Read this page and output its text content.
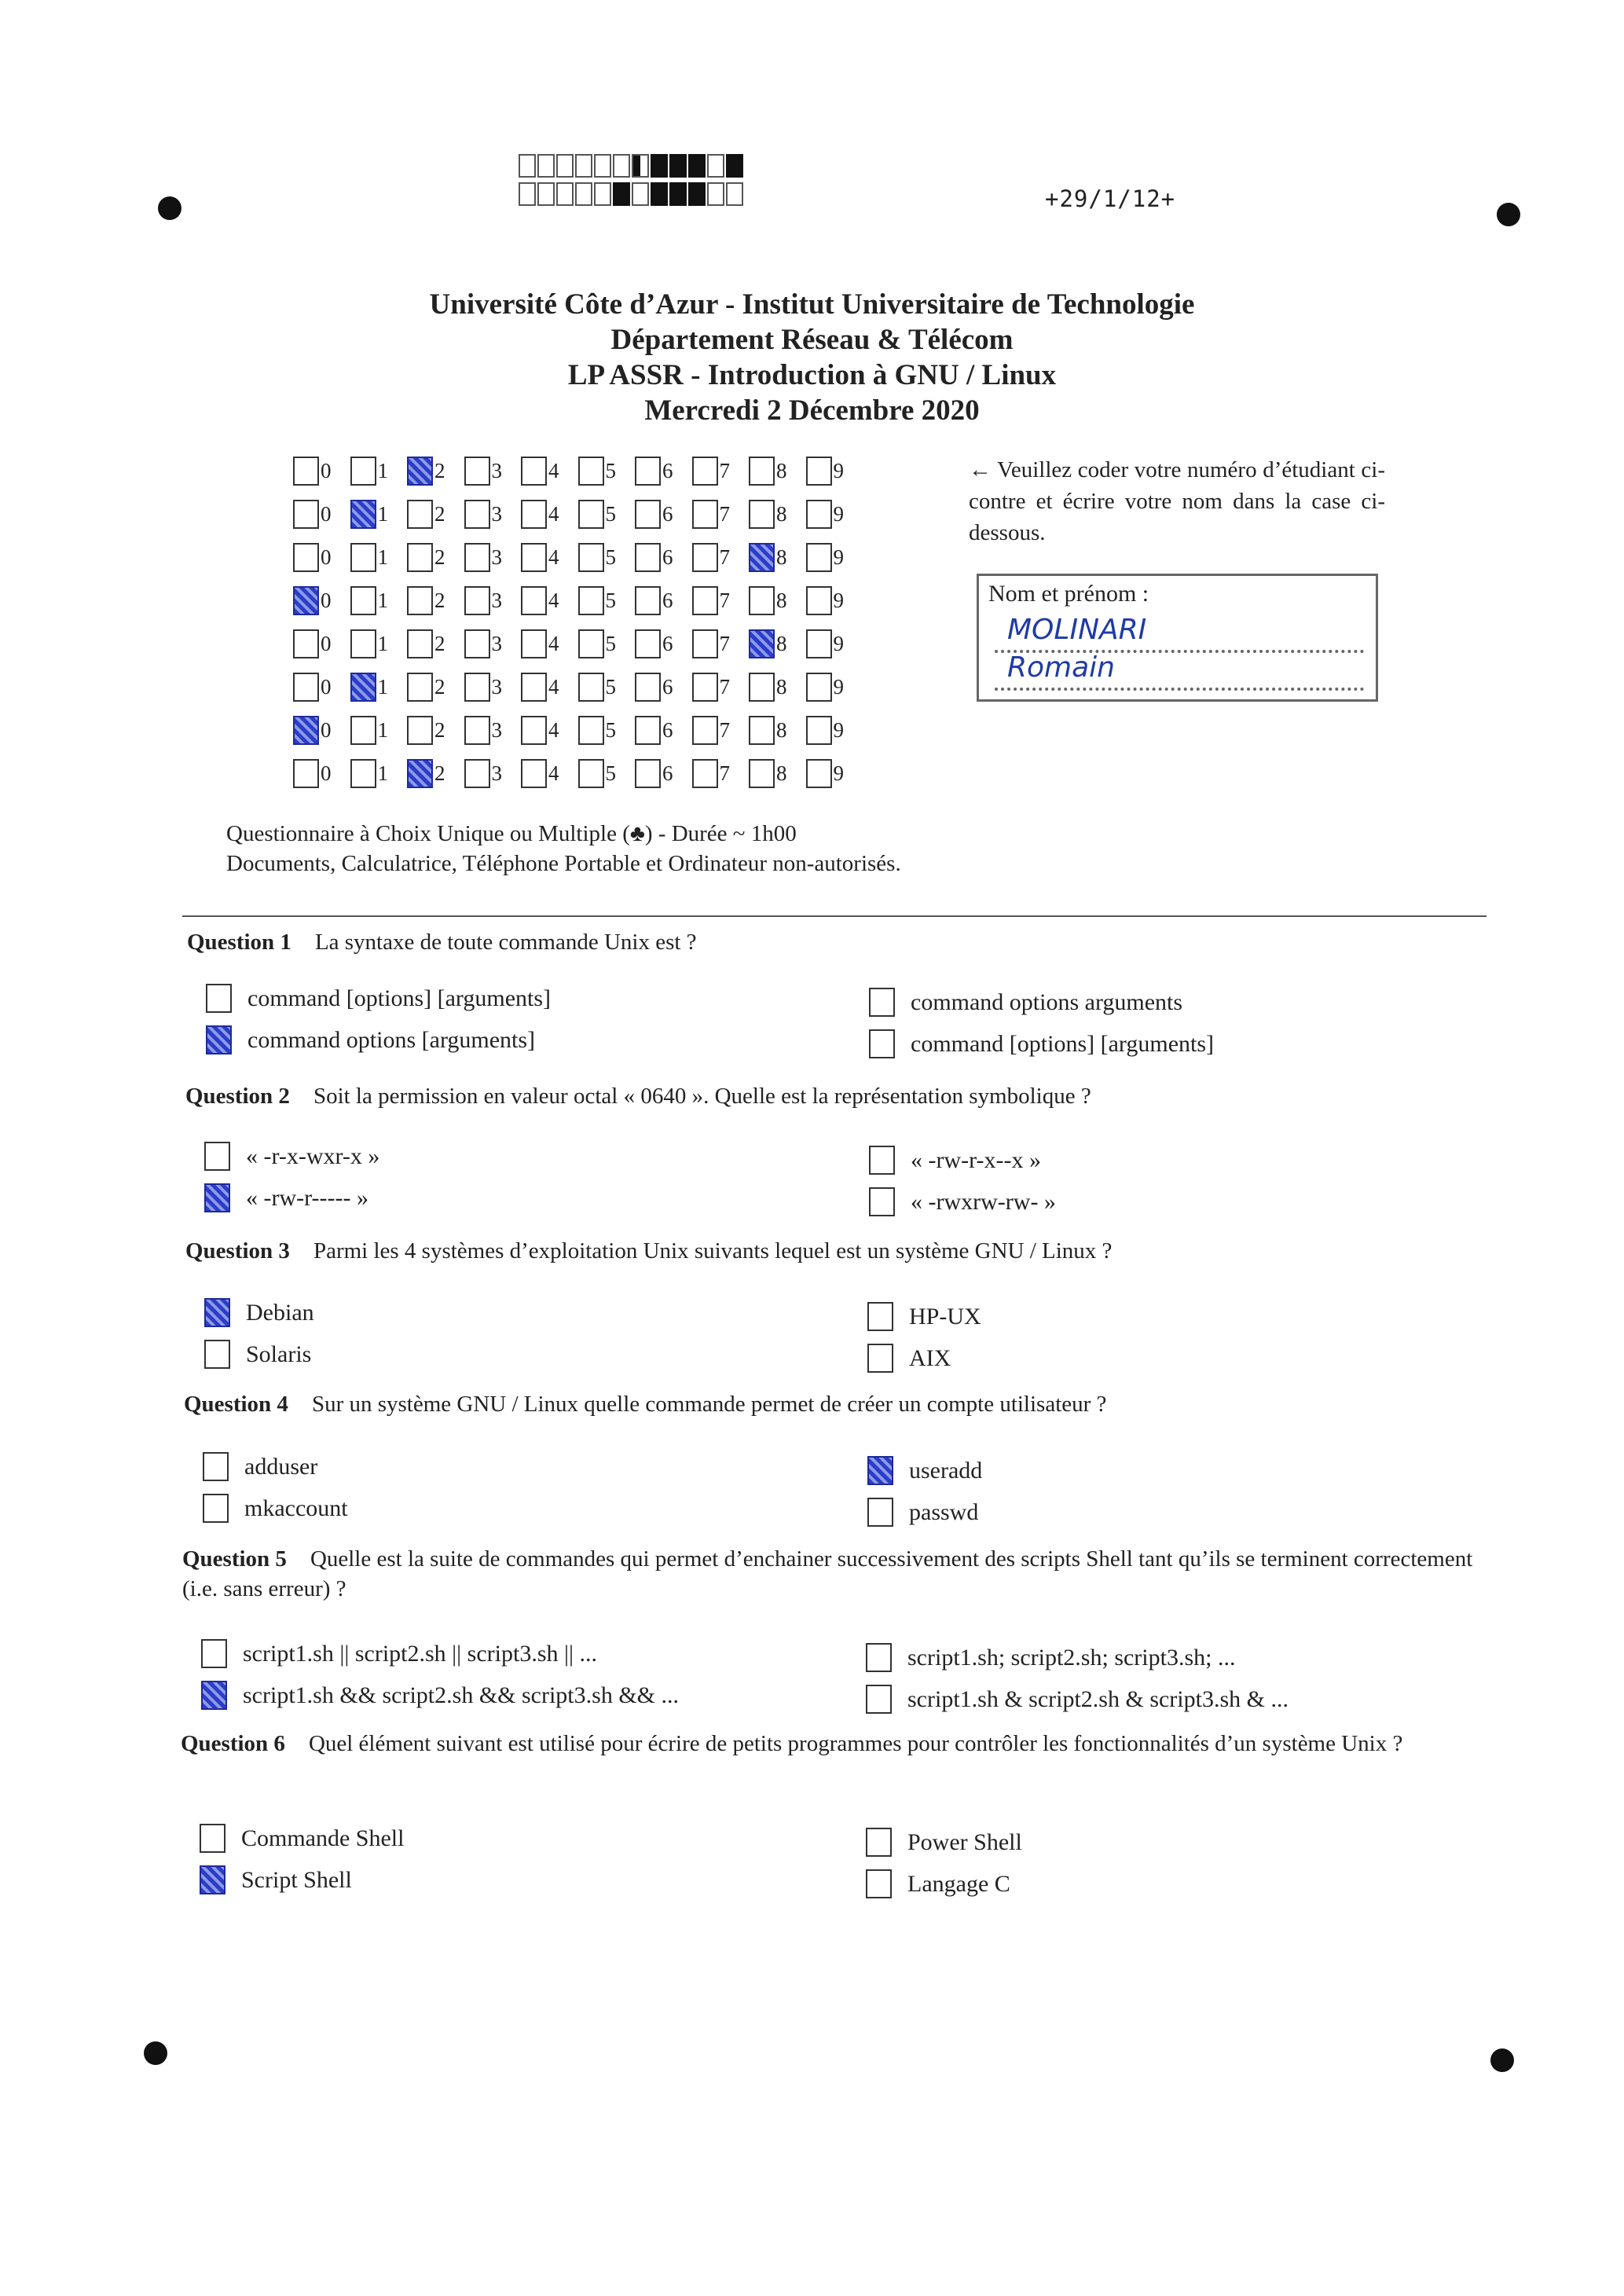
+29/1/12+
Université Côte d’Azur - Institut Universitaire de Technologie
Département Réseau & Télécom
LP ASSR - Introduction à GNU / Linux
Mercredi 2 Décembre 2020
0 1 2 3 4 5 6 7 8 9
0 1 2 3 4 5 6 7 8 9
0 1 2 3 4 5 6 7 8 9
0 1 2 3 4 5 6 7 8 9
0 1 2 3 4 5 6 7 8 9
0 1 2 3 4 5 6 7 8 9
0 1 2 3 4 5 6 7 8 9
0 1 2 3 4 5 6 7 8 9
← Veuillez coder votre numéro d’étudiant ci-contre et écrire votre nom dans la case ci-dessous.
Nom et prénom :
MOLINARI
Romain
Questionnaire à Choix Unique ou Multiple (♣) - Durée ~ 1h00
Documents, Calculatrice, Téléphone Portable et Ordinateur non-autorisés.
Question 1 La syntaxe de toute commande Unix est ?
command [options] [arguments]
command options [arguments]
command options arguments
command [options] [arguments]
Question 2 Soit la permission en valeur octal « 0640 ». Quelle est la représentation symbolique ?
« -r-x-wxr-x »
« -rw-r----- »
« -rw-r-x--x »
« -rwxrw-rw- »
Question 3 Parmi les 4 systèmes d’exploitation Unix suivants lequel est un système GNU / Linux ?
Debian
Solaris
HP-UX
AIX
Question 4 Sur un système GNU / Linux quelle commande permet de créer un compte utilisateur ?
adduser
mkaccount
useradd
passwd
Question 5 Quelle est la suite de commandes qui permet d’enchainer successivement des scripts Shell tant qu’ils se terminent correctement (i.e. sans erreur) ?
script1.sh || script2.sh || script3.sh || ...
script1.sh && script2.sh && script3.sh && ...
script1.sh; script2.sh; script3.sh; ...
script1.sh & script2.sh & script3.sh & ...
Question 6 Quel élément suivant est utilisé pour écrire de petits programmes pour contrôler les fonctionnalités d’un système Unix ?
Commande Shell
Script Shell
Power Shell
Langage C
